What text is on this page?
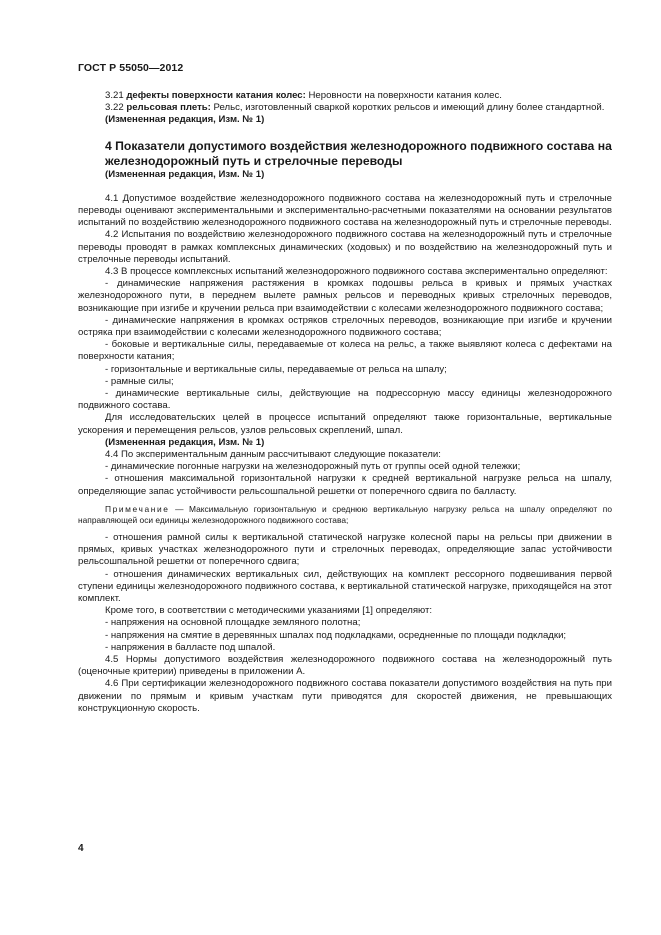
ГОСТ Р 55050—2012

3.21 дефекты поверхности катания колес: Неровности на поверхности катания колес.

3.22 рельсовая плеть: Рельс, изготовленный сваркой коротких рельсов и имеющий длину более стандартной.

(Измененная редакция, Изм. № 1)

4 Показатели допустимого воздействия железнодорожного подвижного состава на железнодорожный путь и стрелочные переводы

(Измененная редакция, Изм. № 1)

4.1 Допустимое воздействие железнодорожного подвижного состава на железнодорожный путь и стрелочные переводы оценивают экспериментальными и экспериментально-расчетными показателями на основании результатов испытаний по воздействию железнодорожного подвижного состава на железнодорожный путь и стрелочные переводы.

4.2 Испытания по воздействию железнодорожного подвижного состава на железнодорожный путь и стрелочные переводы проводят в рамках комплексных динамических (ходовых) и по воздействию на железнодорожный путь и стрелочные переводы испытаний.

4.3 В процессе комплексных испытаний железнодорожного подвижного состава экспериментально определяют:

- динамические напряжения растяжения в кромках подошвы рельса в кривых и прямых участках железнодорожного пути, в переднем вылете рамных рельсов и переводных кривых стрелочных переводов, возникающие при изгибе и кручении рельса при взаимодействии с колесами железнодорожного подвижного состава;

- динамические напряжения в кромках остряков стрелочных переводов, возникающие при изгибе и кручении остряка при взаимодействии с колесами железнодорожного подвижного состава;

- боковые и вертикальные силы, передаваемые от колеса на рельс, а также выявляют колеса с дефектами на поверхности катания;

- горизонтальные и вертикальные силы, передаваемые от рельса на шпалу;

- рамные силы;

- динамические вертикальные силы, действующие на подрессорную массу единицы железнодорожного подвижного состава.

Для исследовательских целей в процессе испытаний определяют также горизонтальные, вертикальные ускорения и перемещения рельсов, узлов рельсовых скреплений, шпал.

(Измененная редакция, Изм. № 1)

4.4 По экспериментальным данным рассчитывают следующие показатели:

- динамические погонные нагрузки на железнодорожный путь от группы осей одной тележки;

- отношения максимальной горизонтальной нагрузки к средней вертикальной нагрузке рельса на шпалу, определяющие запас устойчивости рельсошпальной решетки от поперечного сдвига по балласту.

Примечание — Максимальную горизонтальную и среднюю вертикальную нагрузку рельса на шпалу определяют по направляющей оси единицы железнодорожного подвижного состава;

- отношения рамной силы к вертикальной статической нагрузке колесной пары на рельсы при движении в прямых, кривых участках железнодорожного пути и стрелочных переводах, определяющие запас устойчивости рельсошпальной решетки от поперечного сдвига;

- отношения динамических вертикальных сил, действующих на комплект рессорного подвешивания первой ступени единицы железнодорожного подвижного состава, к вертикальной статической нагрузке, приходящейся на этот комплект.

Кроме того, в соответствии с методическими указаниями [1] определяют:

- напряжения на основной площадке земляного полотна;

- напряжения на смятие в деревянных шпалах под подкладками, осредненные по площади подкладки;

- напряжения в балласте под шпалой.

4.5 Нормы допустимого воздействия железнодорожного подвижного состава на железнодорожный путь (оценочные критерии) приведены в приложении А.

4.6 При сертификации железнодорожного подвижного состава показатели допустимого воздействия на путь при движении по прямым и кривым участкам пути приводятся для скоростей движения, не превышающих конструкционную скорость.

4
